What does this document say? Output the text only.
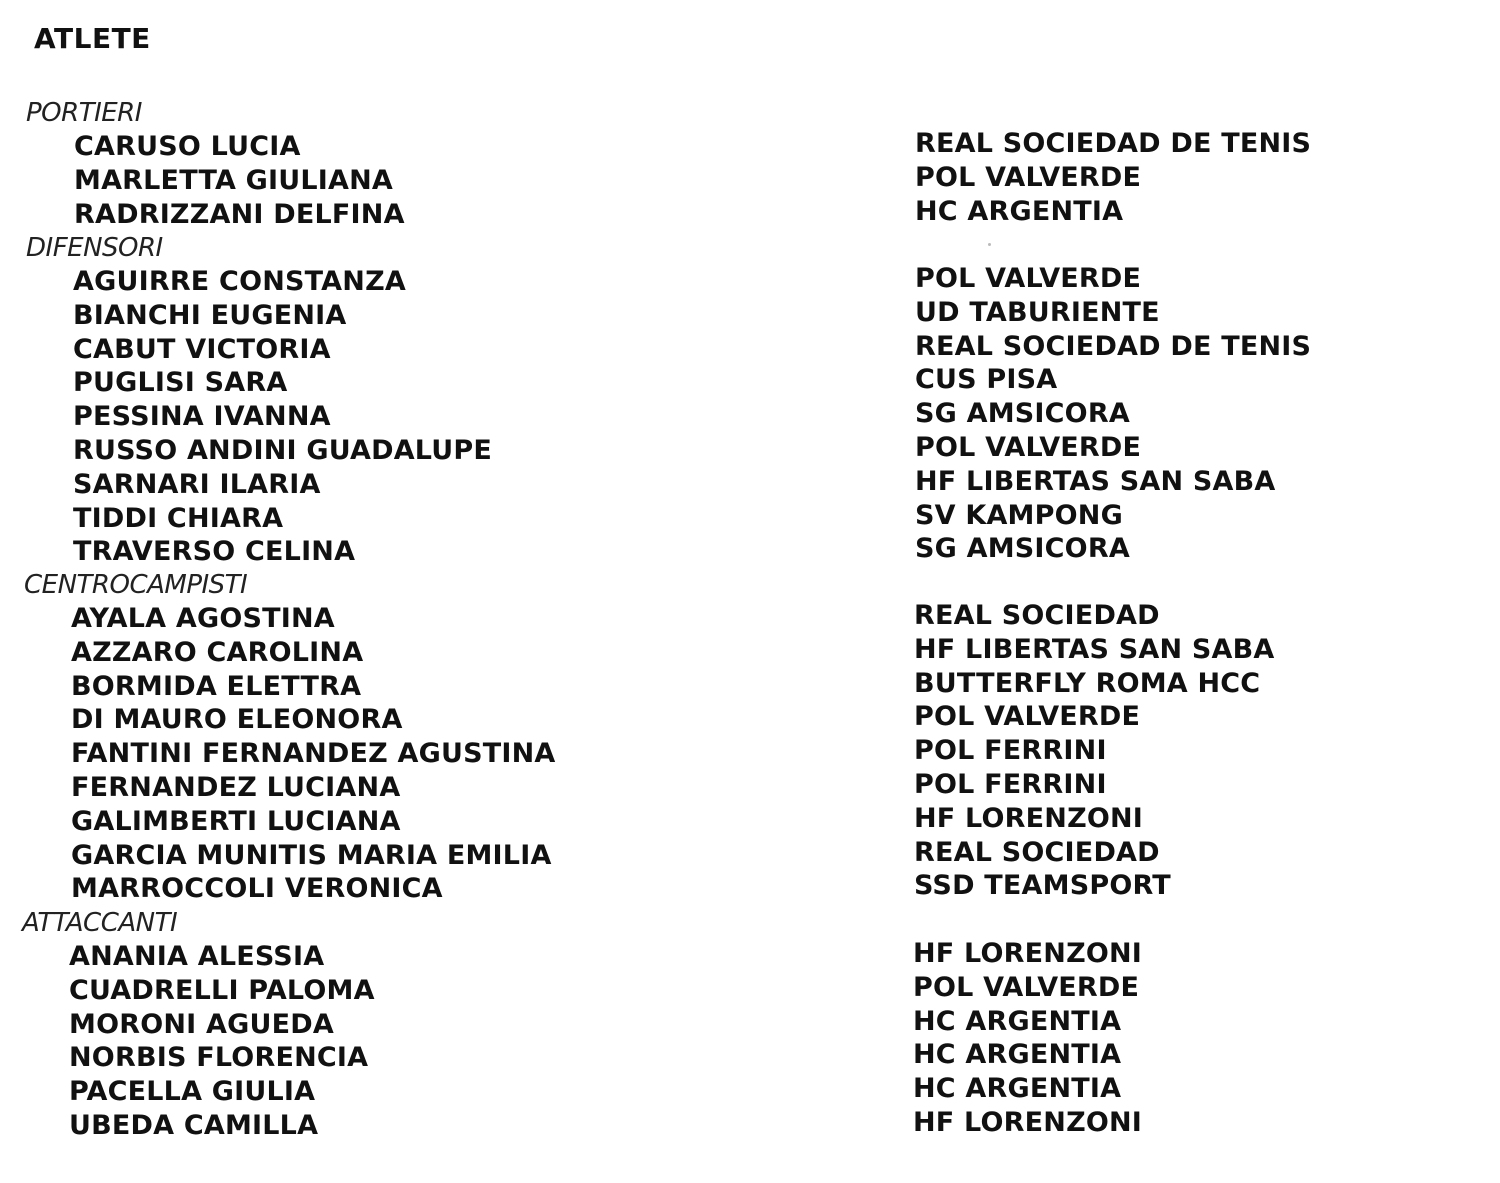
ATLETE
PORTIERI
CARUSO LUCIA	REAL SOCIEDAD DE TENIS
MARLETTA GIULIANA	POL VALVERDE
RADRIZZANI DELFINA	HC ARGENTIA
DIFENSORI
AGUIRRE CONSTANZA	POL VALVERDE
BIANCHI EUGENIA	UD TABURIENTE
CABUT VICTORIA	REAL SOCIEDAD DE TENIS
PUGLISI SARA	CUS PISA
PESSINA IVANNA	SG AMSICORA
RUSSO ANDINI GUADALUPE	POL VALVERDE
SARNARI ILARIA	HF LIBERTAS SAN SABA
TIDDI CHIARA	SV KAMPONG
TRAVERSO CELINA	SG AMSICORA
CENTROCAMPISTI
AYALA AGOSTINA	REAL SOCIEDAD
AZZARO CAROLINA	HF LIBERTAS SAN SABA
BORMIDA ELETTRA	BUTTERFLY ROMA HCC
DI MAURO ELEONORA	POL VALVERDE
FANTINI FERNANDEZ AGUSTINA	POL FERRINI
FERNANDEZ LUCIANA	POL FERRINI
GALIMBERTI LUCIANA	HF LORENZONI
GARCIA MUNITIS MARIA EMILIA	REAL SOCIEDAD
MARROCCOLI VERONICA	SSD TEAMSPORT
ATTACCANTI
ANANIA ALESSIA	HF LORENZONI
CUADRELLI PALOMA	POL VALVERDE
MORONI AGUEDA	HC ARGENTIA
NORBIS FLORENCIA	HC ARGENTIA
PACELLA GIULIA	HC ARGENTIA
UBEDA CAMILLA	HF LORENZONI
